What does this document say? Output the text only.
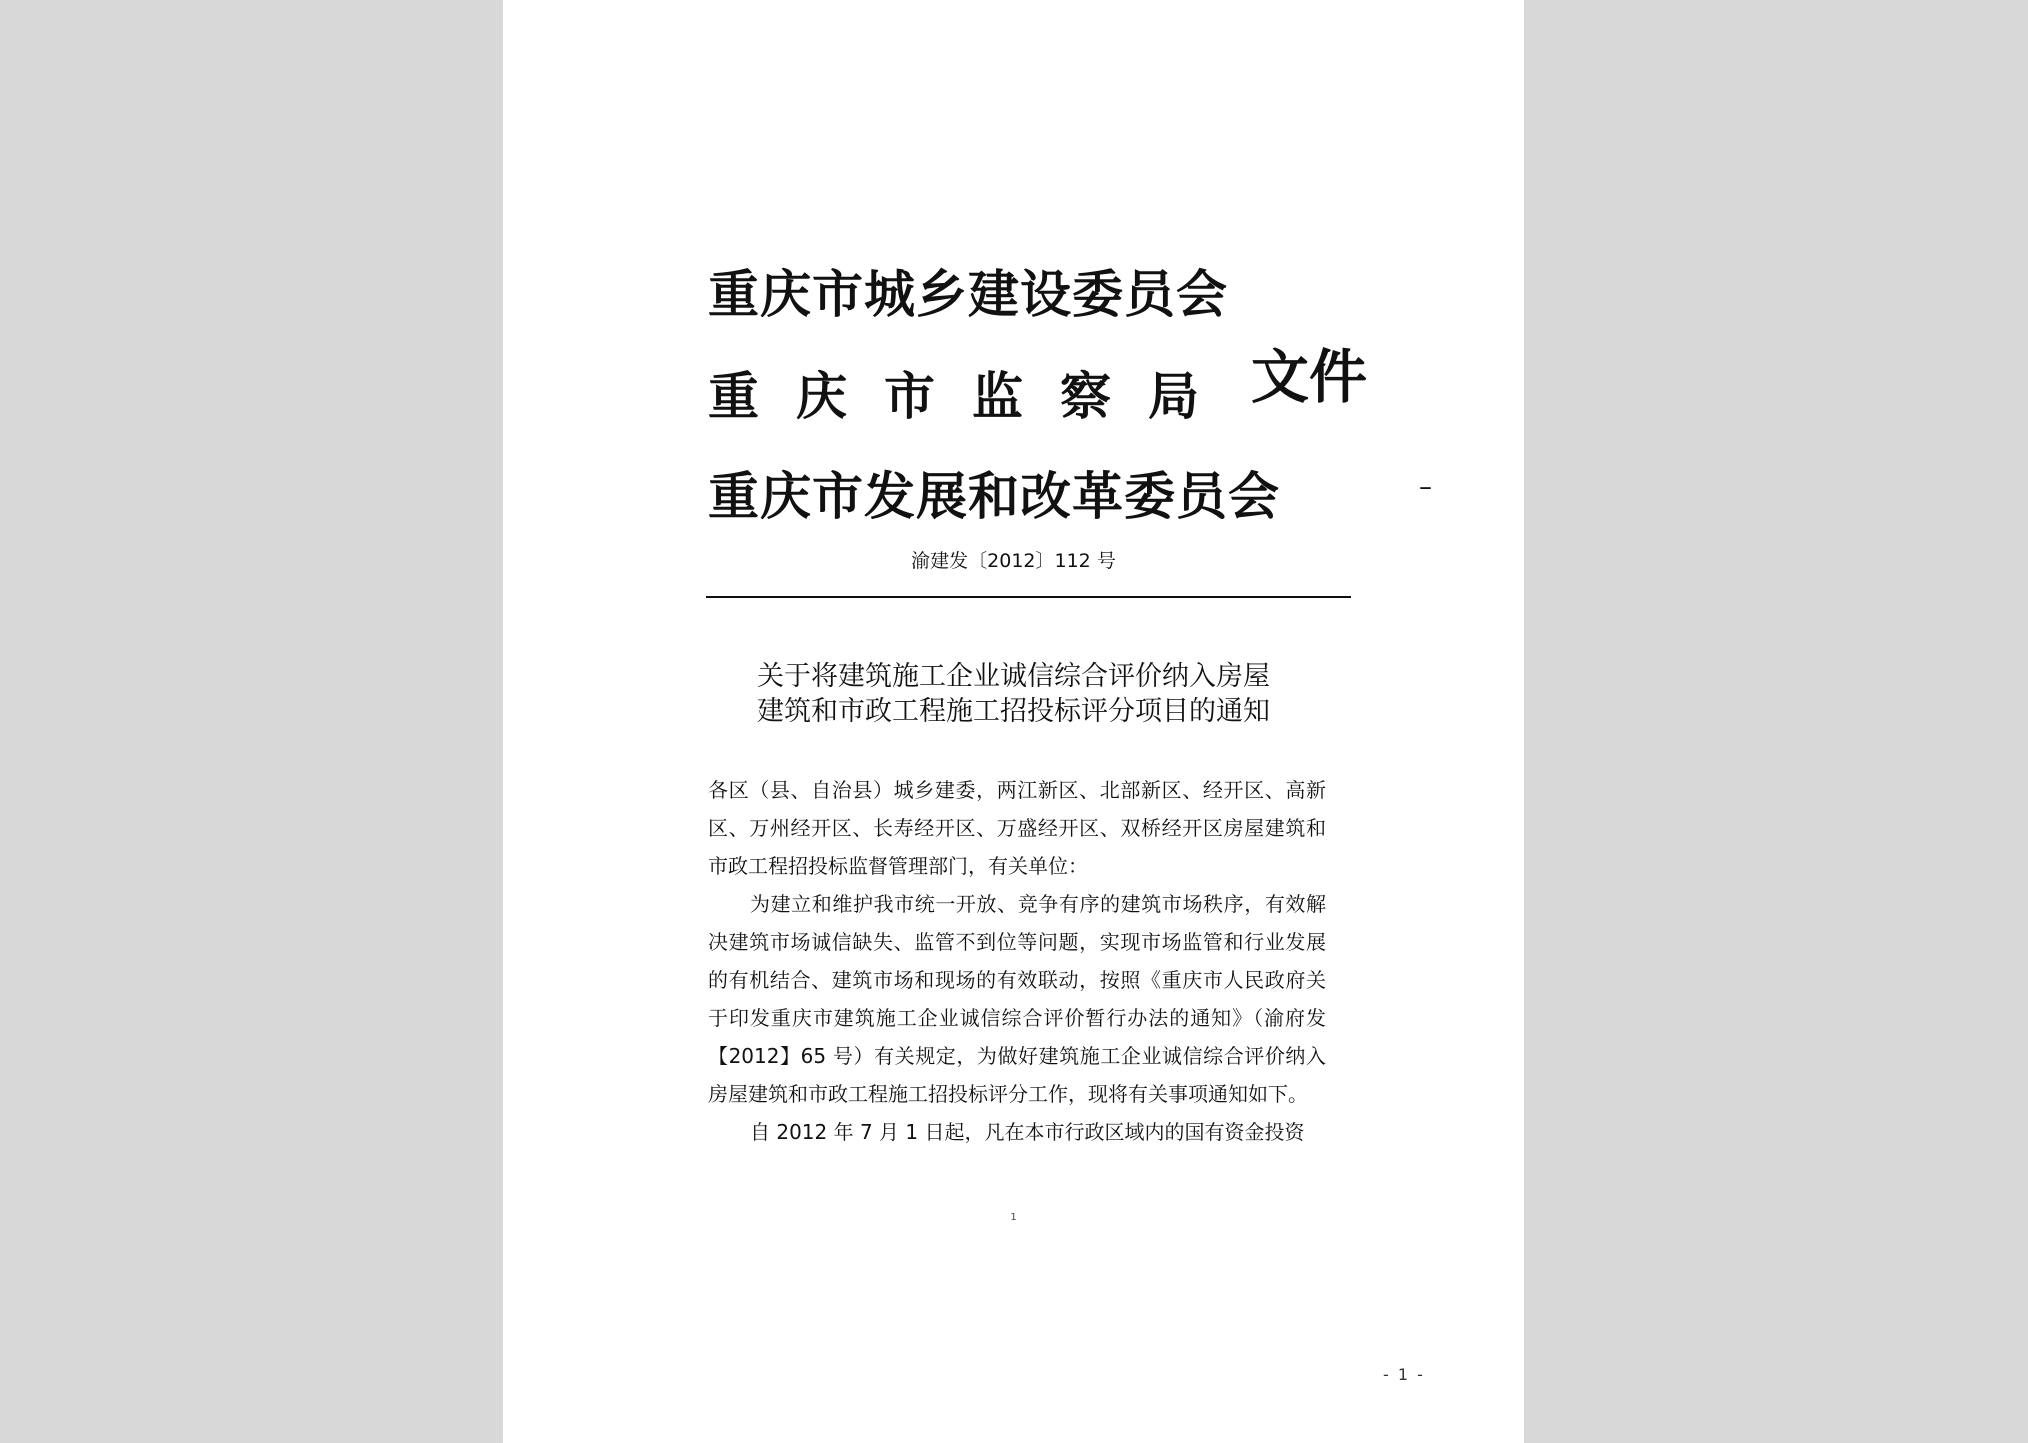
重庆市城乡建设委员会
重庆市监察局
重庆市发展和改革委员会
文件
–
渝建发〔2012〕112 号
关于将建筑施工企业诚信综合评价纳入房屋
建筑和市政工程施工招投标评分项目的通知

各区（县、自治县）城乡建委，两江新区、北部新区、经开区、高新区、万州经开区、长寿经开区、万盛经开区、双桥经开区房屋建筑和市政工程招投标监督管理部门，有关单位：

为建立和维护我市统一开放、竞争有序的建筑市场秩序，有效解决建筑市场诚信缺失、监管不到位等问题，实现市场监管和行业发展的有机结合、建筑市场和现场的有效联动，按照《重庆市人民政府关于印发重庆市建筑施工企业诚信综合评价暂行办法的通知》（渝府发【2012】65 号）有关规定，为做好建筑施工企业诚信综合评价纳入房屋建筑和市政工程施工招投标评分工作，现将有关事项通知如下。

自 2012 年 7 月 1 日起，凡在本市行政区域内的国有资金投资

1
- 1 -
